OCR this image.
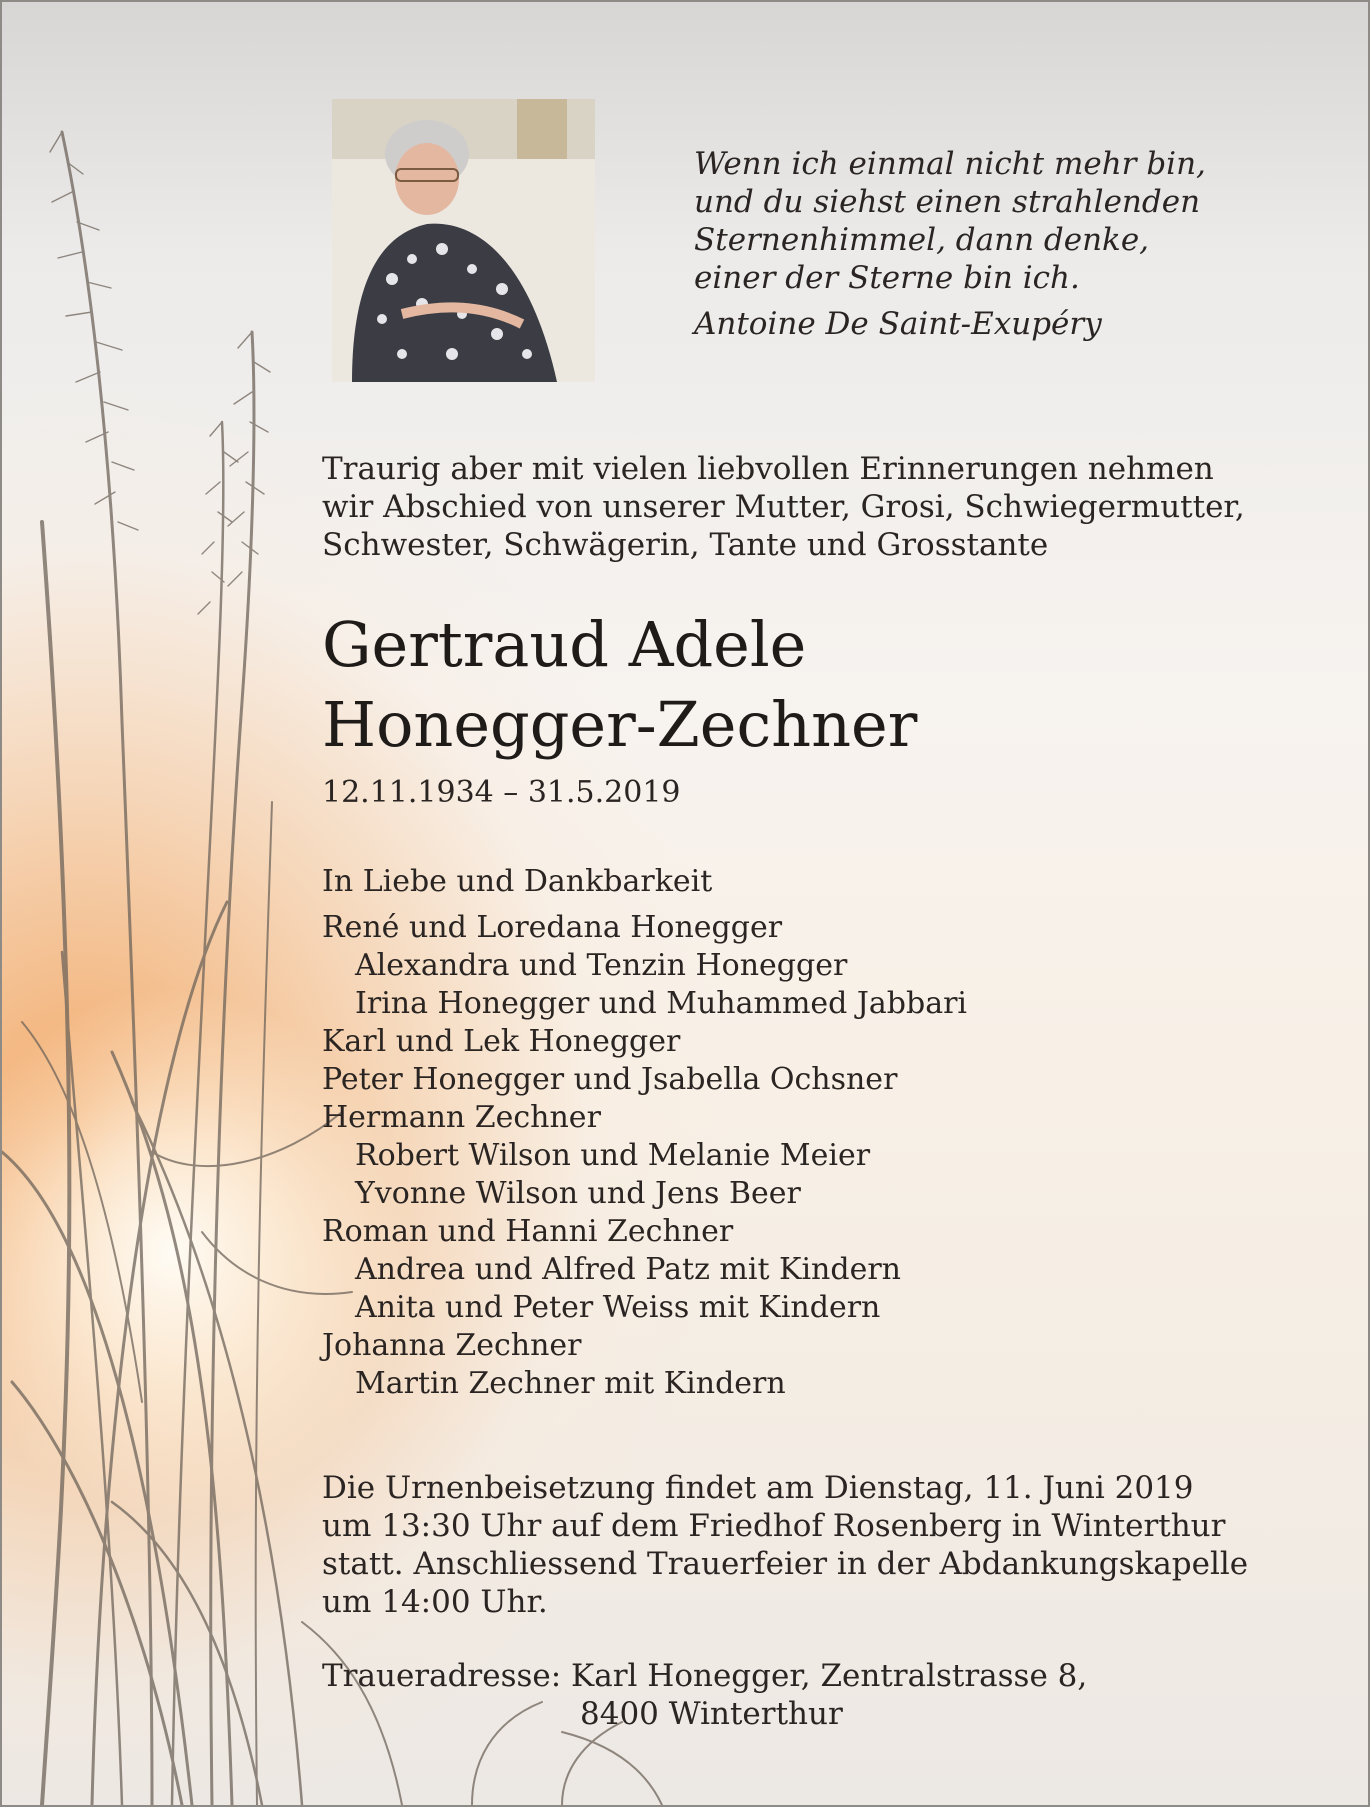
Wenn ich einmal nicht mehr bin,
und du siehst einen strahlenden
Sternenhimmel, dann denke,
einer der Sterne bin ich.
Antoine De Saint-Exupéry
Traurig aber mit vielen liebvollen Erinnerungen nehmen
wir Abschied von unserer Mutter, Grosi, Schwiegermutter,
Schwester, Schwägerin, Tante und Grosstante
Gertraud Adele
Honegger-Zechner
12.11.1934 – 31.5.2019
In Liebe und Dankbarkeit
René und Loredana Honegger
Alexandra und Tenzin Honegger
Irina Honegger und Muhammed Jabbari
Karl und Lek Honegger
Peter Honegger und Jsabella Ochsner
Hermann Zechner
Robert Wilson und Melanie Meier
Yvonne Wilson und Jens Beer
Roman und Hanni Zechner
Andrea und Alfred Patz mit Kindern
Anita und Peter Weiss mit Kindern
Johanna Zechner
Martin Zechner mit Kindern
Die Urnenbeisetzung findet am Dienstag, 11. Juni 2019
um 13:30 Uhr auf dem Friedhof Rosenberg in Winterthur
statt. Anschliessend Trauerfeier in der Abdankungskapelle
um 14:00 Uhr.
Traueradresse: Karl Honegger, Zentralstrasse 8,
8400 Winterthur
